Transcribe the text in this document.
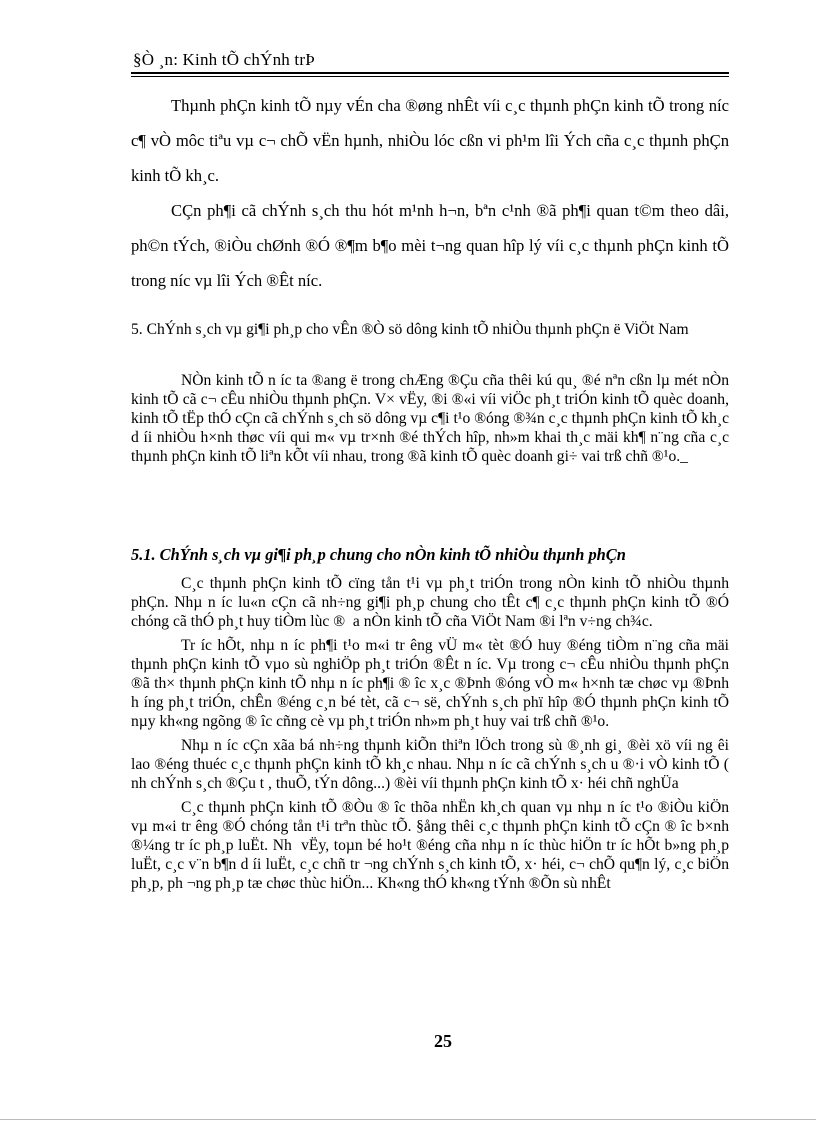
§Ò ¸n: Kinh tÕ chÝnh trÞ

Thµnh phÇn kinh tÕ nµy vÉn cha ®øng nhÊt víi c¸c thµnh phÇn kinh tÕ trong níc c¶ vÒ môc tiªu vµ c¬ chÕ vËn hµnh, nhiÒu lóc cßn vi ph¹m lîi Ých cña c¸c thµnh phÇn kinh tÕ kh¸c.

CÇn ph¶i cã chÝnh s¸ch thu hót m¹nh h¬n, bªn c¹nh ®ã ph¶i quan t©m theo dâi, ph©n tÝch, ®iÒu chØnh ®Ó ®¶m b¶o mèi t¬ng quan hîp lý víi c¸c thµnh phÇn kinh tÕ trong níc vµ lîi Ých ®Êt níc.

5. ChÝnh s¸ch vµ gi¶i ph¸p cho vÊn ®Ò sö dông kinh tÕ nhiÒu thµnh phÇn ë ViÖt Nam

NÒn kinh tÕ n íc ta ®ang ë trong chÆng ®Çu cña thêi kú qu¸ ®é nªn cßn lµ mét nÒn kinh tÕ cã c¬ cÊu nhiÒu thµnh phÇn. V× vËy, ®i ®«i víi viÖc ph¸t triÓn kinh tÕ quèc doanh, kinh tÕ tËp thÓ cÇn cã chÝnh s¸ch sö dông vµ c¶i t¹o ®óng ®¾n c¸c thµnh phÇn kinh tÕ kh¸c d íi nhiÒu h×nh thøc víi qui m« vµ tr×nh ®é thÝch hîp, nh»m khai th¸c mäi kh¶ n¨ng cña c¸c thµnh phÇn kinh tÕ liªn kÕt víi nhau, trong ®ã kinh tÕ quèc doanh gi÷ vai trß chñ ®¹o._

5.1. ChÝnh s¸ch vµ gi¶i ph¸p chung cho nÒn kinh tÕ nhiÒu thµnh phÇn

C¸c thµnh phÇn kinh tÕ cïng tån t¹i vµ ph¸t triÓn trong nÒn kinh tÕ nhiÒu thµnh phÇn. Nhµ n íc lu«n cÇn cã nh÷ng gi¶i ph¸p chung cho tÊt c¶ c¸c thµnh phÇn kinh tÕ ®Ó chóng cã thÓ ph¸t huy tiÒm lùc ® a nÒn kinh tÕ cña ViÖt Nam ®i lªn v÷ng ch¾c.

Tr íc hÕt, nhµ n íc ph¶i t¹o m«i tr êng vÜ m« tèt ®Ó huy ®éng tiÒm n¨ng cña mäi thµnh phÇn kinh tÕ vµo sù nghiÖp ph¸t triÓn ®Êt n íc. Vµ trong c¬ cÊu nhiÒu thµnh phÇn ®ã th× thµnh phÇn kinh tÕ nhµ n íc ph¶i ® îc x¸c ®Þnh ®óng vÒ m« h×nh tæ chøc vµ ®Þnh h íng ph¸t triÓn, chÊn ®éng c¸n bé tèt, cã c¬ së, chÝnh s¸ch phï hîp ®Ó thµnh phÇn kinh tÕ nµy kh«ng ngõng ® îc cñng cè vµ ph¸t triÓn nh»m ph¸t huy vai trß chñ ®¹o.

Nhµ n íc cÇn xãa bá nh÷ng thµnh kiÕn thiªn lÖch trong sù ®¸nh gi¸ ®èi xö víi ng êi lao ®éng thuéc c¸c thµnh phÇn kinh tÕ kh¸c nhau. Nhµ n íc cã chÝnh s¸ch u ®·i vÒ kinh tÕ ( nh chÝnh s¸ch ®Çu t , thuÕ, tÝn dông...) ®èi víi thµnh phÇn kinh tÕ x· héi chñ nghÜa

C¸c thµnh phÇn kinh tÕ ®Òu ® îc thõa nhËn kh¸ch quan vµ nhµ n íc t¹o ®iÒu kiÖn vµ m«i tr êng ®Ó chóng tån t¹i trªn thùc tÕ. §ång thêi c¸c thµnh phÇn kinh tÕ cÇn ® îc b×nh ®¼ng tr íc ph¸p luËt. Nh vËy, toµn bé ho¹t ®éng cña nhµ n íc thùc hiÖn tr íc hÕt b»ng ph¸p luËt, c¸c v¨n b¶n d íi luËt, c¸c chñ tr ¬ng chÝnh s¸ch kinh tÕ, x· héi, c¬ chÕ qu¶n lý, c¸c biÖn ph¸p, ph ¬ng ph¸p tæ chøc thùc hiÖn... Kh«ng thÓ kh«ng tÝnh ®Õn sù nhÊt

25
